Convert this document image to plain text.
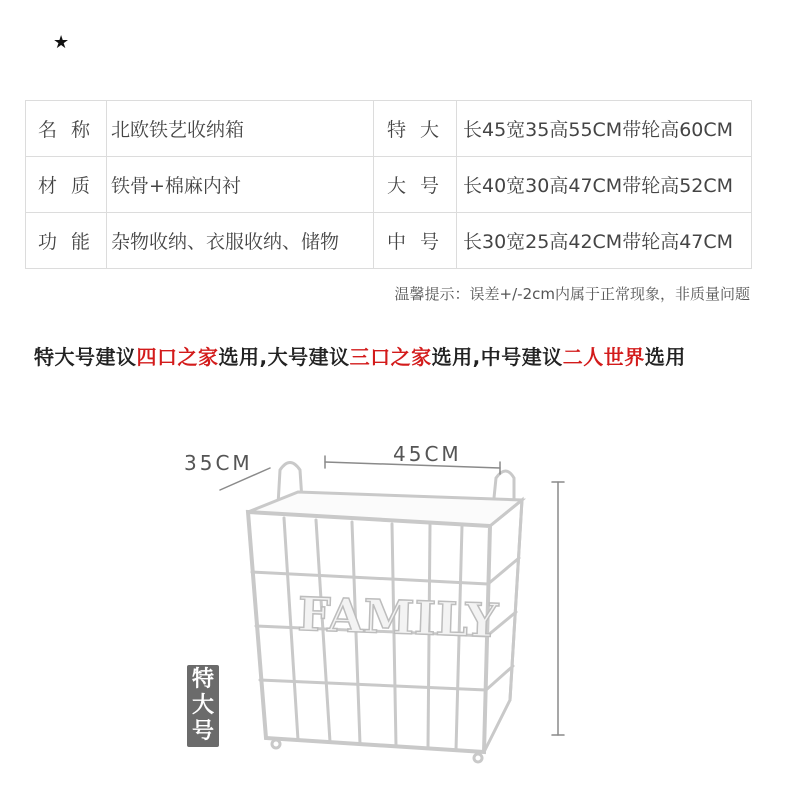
★
名 称	北欧铁艺收纳箱	特 大	长45宽35高55CM带轮高60CM
材 质	铁骨+棉麻内衬	大 号	长40宽30高47CM带轮高52CM
功 能	杂物收纳、衣服收纳、储物	中 号	长30宽25高42CM带轮高47CM
温馨提示：误差+/-2cm内属于正常现象，非质量问题
特大号建议四口之家选用,大号建议三口之家选用,中号建议二人世界选用
FAMILY
35CM	45CM
特
大
号
